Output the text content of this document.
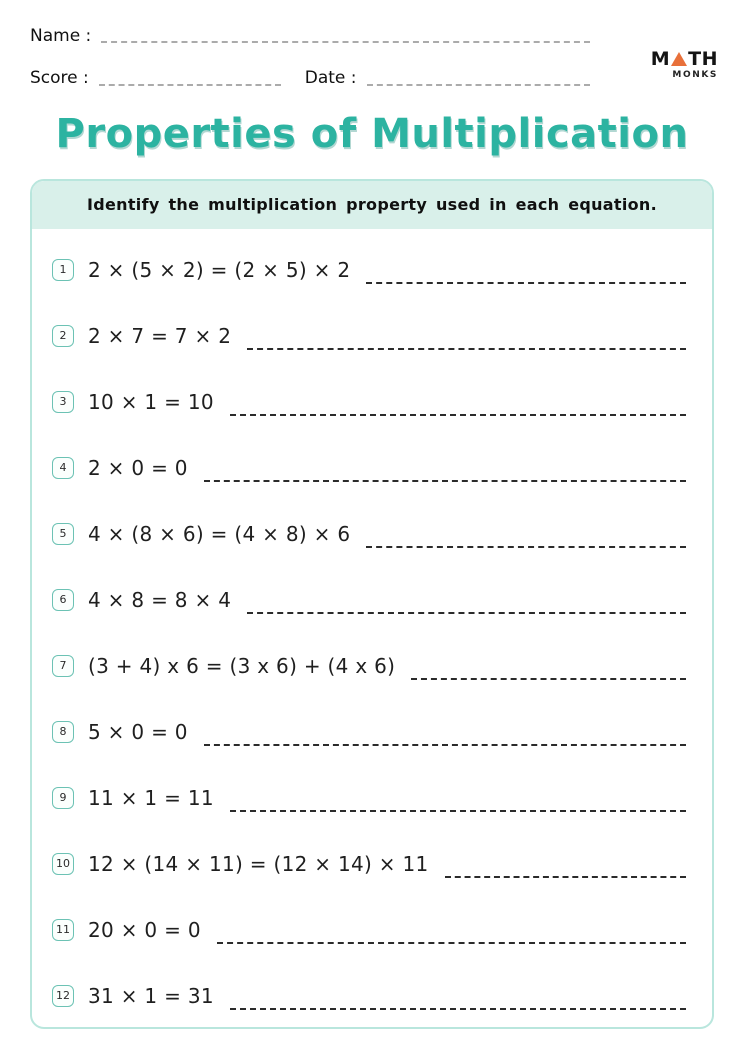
Name :
Score :	Date :
M TH
MONKS
Properties of Multiplication
Identify the multiplication property used in each equation.
1	2 × (5 × 2) = (2 × 5) × 2
2	2 × 7 = 7 × 2
3	10 × 1 = 10
4	2 × 0 = 0
5	4 × (8 × 6) = (4 × 8) × 6
6	4 × 8 = 8 × 4
7	(3 + 4) x 6 = (3 x 6) + (4 x 6)
8	5 × 0 = 0
9	11 × 1 = 11
10 12 × (14 × 11) = (12 × 14) × 11
11 20 × 0 = 0
12 31 × 1 = 31
